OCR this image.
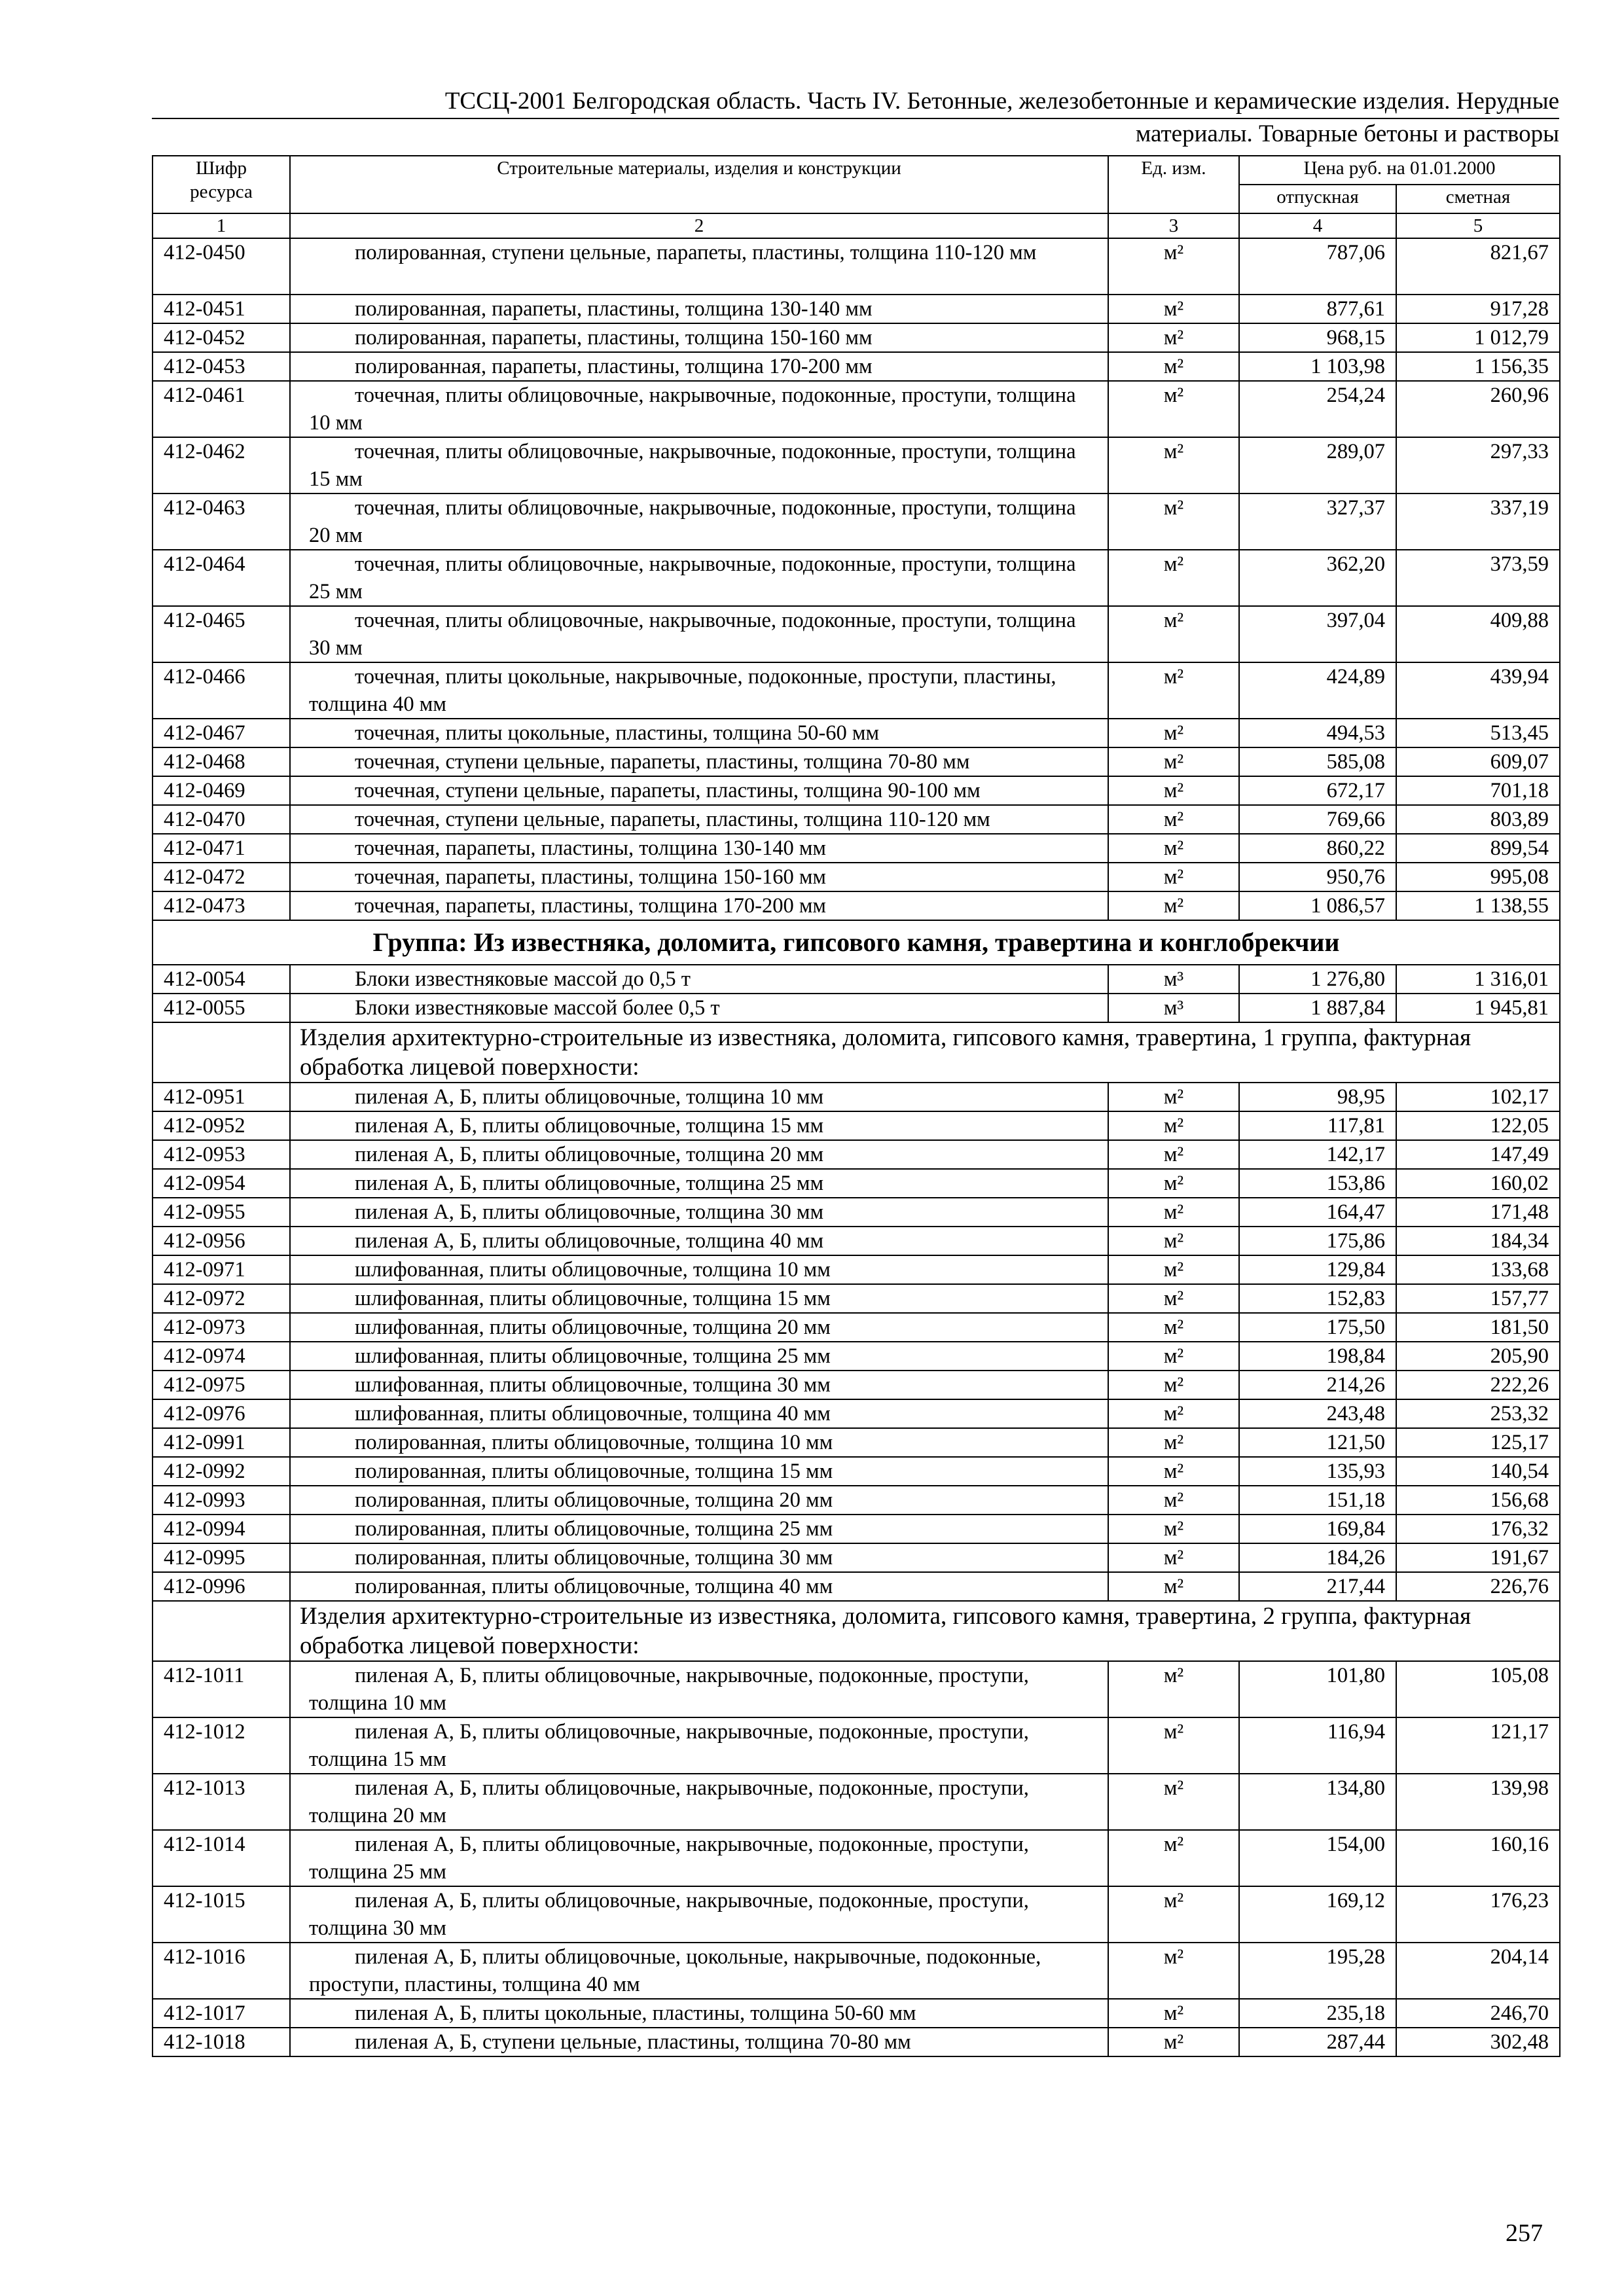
ТССЦ-2001 Белгородская область. Часть IV. Бетонные, железобетонные и керамические изделия. Нерудные
материалы. Товарные бетоны и растворы
Шифр ресурса	Строительные материалы, изделия и конструкции	Ед. изм.	Цена руб. на 01.01.2000	
			отпускная	сметная
1	2	3	4	5
412-0450	полированная, ступени цельные, парапеты, пластины, толщина 110-120 мм	м²	787,06	821,67
412-0451	полированная, парапеты, пластины, толщина 130-140 мм	м²	877,61	917,28
412-0452	полированная, парапеты, пластины, толщина 150-160 мм	м²	968,15	1 012,79
412-0453	полированная, парапеты, пластины, толщина 170-200 мм	м²	1 103,98	1 156,35
412-0461	точечная, плиты облицовочные, накрывочные, подоконные, проступи, толщина 10 мм	м²	254,24	260,96
412-0462	точечная, плиты облицовочные, накрывочные, подоконные, проступи, толщина 15 мм	м²	289,07	297,33
412-0463	точечная, плиты облицовочные, накрывочные, подоконные, проступи, толщина 20 мм	м²	327,37	337,19
412-0464	точечная, плиты облицовочные, накрывочные, подоконные, проступи, толщина 25 мм	м²	362,20	373,59
412-0465	точечная, плиты облицовочные, накрывочные, подоконные, проступи, толщина 30 мм	м²	397,04	409,88
412-0466	точечная, плиты цокольные, накрывочные, подоконные, проступи, пластины, толщина 40 мм	м²	424,89	439,94
412-0467	точечная, плиты цокольные, пластины, толщина 50-60 мм	м²	494,53	513,45
412-0468	точечная, ступени цельные, парапеты, пластины, толщина 70-80 мм	м²	585,08	609,07
412-0469	точечная, ступени цельные, парапеты, пластины, толщина 90-100 мм	м²	672,17	701,18
412-0470	точечная, ступени цельные, парапеты, пластины, толщина 110-120 мм	м²	769,66	803,89
412-0471	точечная, парапеты, пластины, толщина 130-140 мм	м²	860,22	899,54
412-0472	точечная, парапеты, пластины, толщина 150-160 мм	м²	950,76	995,08
412-0473	точечная, парапеты, пластины, толщина 170-200 мм	м²	1 086,57	1 138,55
Группа: Из известняка, доломита, гипсового камня, травертина и конглобрекчии				
412-0054	Блоки известняковые массой до 0,5 т	м³	1 276,80	1 316,01
412-0055	Блоки известняковые массой более 0,5 т	м³	1 887,84	1 945,81
	Изделия архитектурно-строительные из известняка, доломита, гипсового камня, травертина, 1 группа, фактурная обработка лицевой поверхности:			
412-0951	пиленая А, Б, плиты облицовочные, толщина 10 мм	м²	98,95	102,17
412-0952	пиленая А, Б, плиты облицовочные, толщина 15 мм	м²	117,81	122,05
412-0953	пиленая А, Б, плиты облицовочные, толщина 20 мм	м²	142,17	147,49
412-0954	пиленая А, Б, плиты облицовочные, толщина 25 мм	м²	153,86	160,02
412-0955	пиленая А, Б, плиты облицовочные, толщина 30 мм	м²	164,47	171,48
412-0956	пиленая А, Б, плиты облицовочные, толщина 40 мм	м²	175,86	184,34
412-0971	шлифованная, плиты облицовочные, толщина 10 мм	м²	129,84	133,68
412-0972	шлифованная, плиты облицовочные, толщина 15 мм	м²	152,83	157,77
412-0973	шлифованная, плиты облицовочные, толщина 20 мм	м²	175,50	181,50
412-0974	шлифованная, плиты облицовочные, толщина 25 мм	м²	198,84	205,90
412-0975	шлифованная, плиты облицовочные, толщина 30 мм	м²	214,26	222,26
412-0976	шлифованная, плиты облицовочные, толщина 40 мм	м²	243,48	253,32
412-0991	полированная, плиты облицовочные, толщина 10 мм	м²	121,50	125,17
412-0992	полированная, плиты облицовочные, толщина 15 мм	м²	135,93	140,54
412-0993	полированная, плиты облицовочные, толщина 20 мм	м²	151,18	156,68
412-0994	полированная, плиты облицовочные, толщина 25 мм	м²	169,84	176,32
412-0995	полированная, плиты облицовочные, толщина 30 мм	м²	184,26	191,67
412-0996	полированная, плиты облицовочные, толщина 40 мм	м²	217,44	226,76
	Изделия архитектурно-строительные из известняка, доломита, гипсового камня, травертина, 2 группа, фактурная обработка лицевой поверхности:			
412-1011	пиленая А, Б, плиты облицовочные, накрывочные, подоконные, проступи, толщина 10 мм	м²	101,80	105,08
412-1012	пиленая А, Б, плиты облицовочные, накрывочные, подоконные, проступи, толщина 15 мм	м²	116,94	121,17
412-1013	пиленая А, Б, плиты облицовочные, накрывочные, подоконные, проступи, толщина 20 мм	м²	134,80	139,98
412-1014	пиленая А, Б, плиты облицовочные, накрывочные, подоконные, проступи, толщина 25 мм	м²	154,00	160,16
412-1015	пиленая А, Б, плиты облицовочные, накрывочные, подоконные, проступи, толщина 30 мм	м²	169,12	176,23
412-1016	пиленая А, Б, плиты облицовочные, цокольные, накрывочные, подоконные, проступи, пластины, толщина 40 мм	м²	195,28	204,14
412-1017	пиленая А, Б, плиты цокольные, пластины, толщина 50-60 мм	м²	235,18	246,70
412-1018	пиленая А, Б, ступени цельные, пластины, толщина 70-80 мм	м²	287,44	302,48
257
